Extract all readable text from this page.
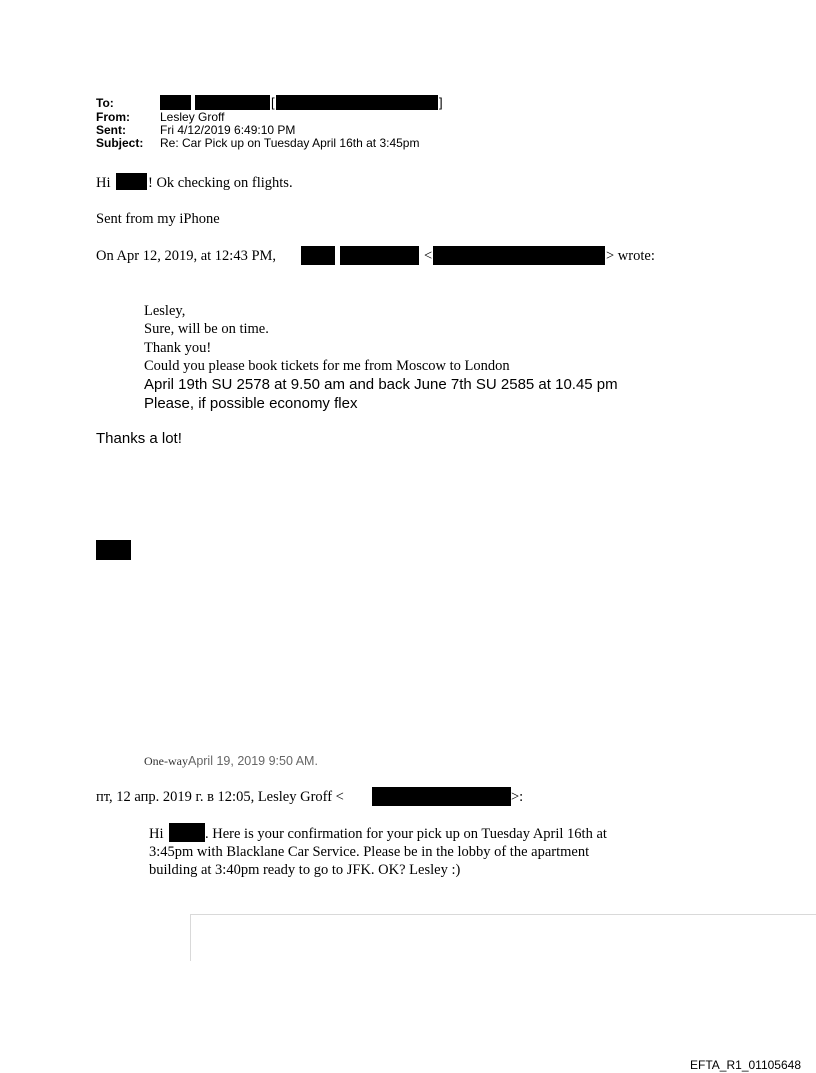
To:	[	]
From:	Lesley Groff
Sent:	Fri 4/12/2019 6:49:10 PM
Subject: Re: Car Pick up on Tuesday April 16th at 3:45pm
Hi	! Ok checking on flights.
Sent from my iPhone
On Apr 12, 2019, at 12:43 PM,	<	> wrote:
Lesley,
Sure, will be on time.
Thank you!
Could you please book tickets for me from Moscow to London
April 19th SU 2578 at 9.50 am and back June 7th SU 2585 at 10.45 pm
Please, if possible economy flex
Thanks a lot!
One-wayApril 19, 2019 9:50 AM.
пт, 12 апр. 2019 г. в 12:05, Lesley Groff <	>:
Hi	. Here is your confirmation for your pick up on Tuesday April 16th at
3:45pm with Blacklane Car Service. Please be in the lobby of the apartment
building at 3:40pm ready to go to JFK. OK? Lesley :)
EFTA_R1_01105648
